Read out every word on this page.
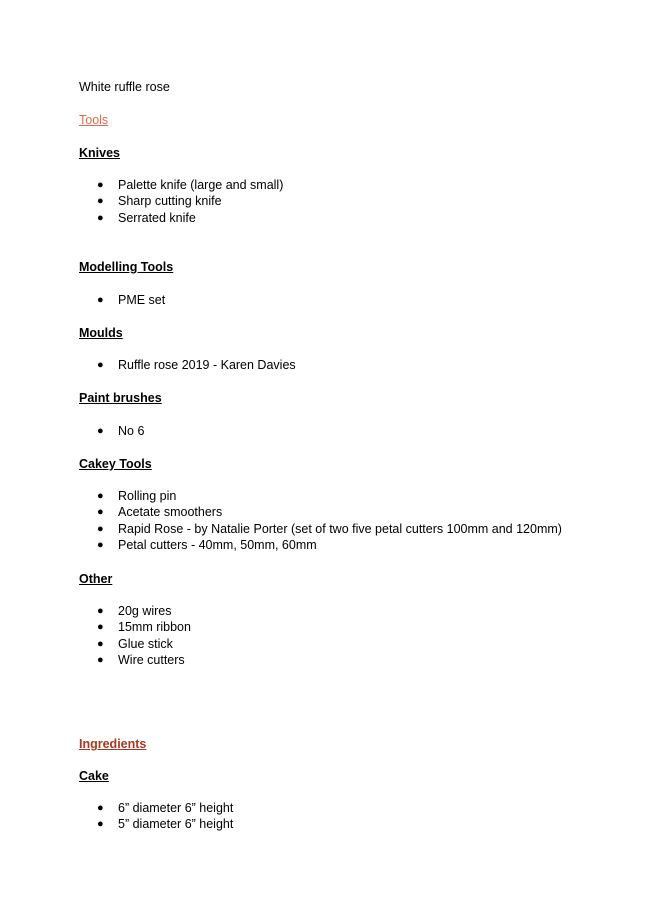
White ruffle rose
Tools
Knives
● Palette knife (large and small)
● Sharp cutting knife
● Serrated knife
Modelling Tools
● PME set
Moulds
● Ruffle rose 2019 - Karen Davies
Paint brushes
● No 6
Cakey Tools
● Rolling pin
● Acetate smoothers
● Rapid Rose - by Natalie Porter (set of two five petal cutters 100mm and 120mm)
● Petal cutters - 40mm, 50mm, 60mm
Other
● 20g wires
● 15mm ribbon
● Glue stick
● Wire cutters
Ingredients
Cake
● 6” diameter 6” height
● 5” diameter 6” height
